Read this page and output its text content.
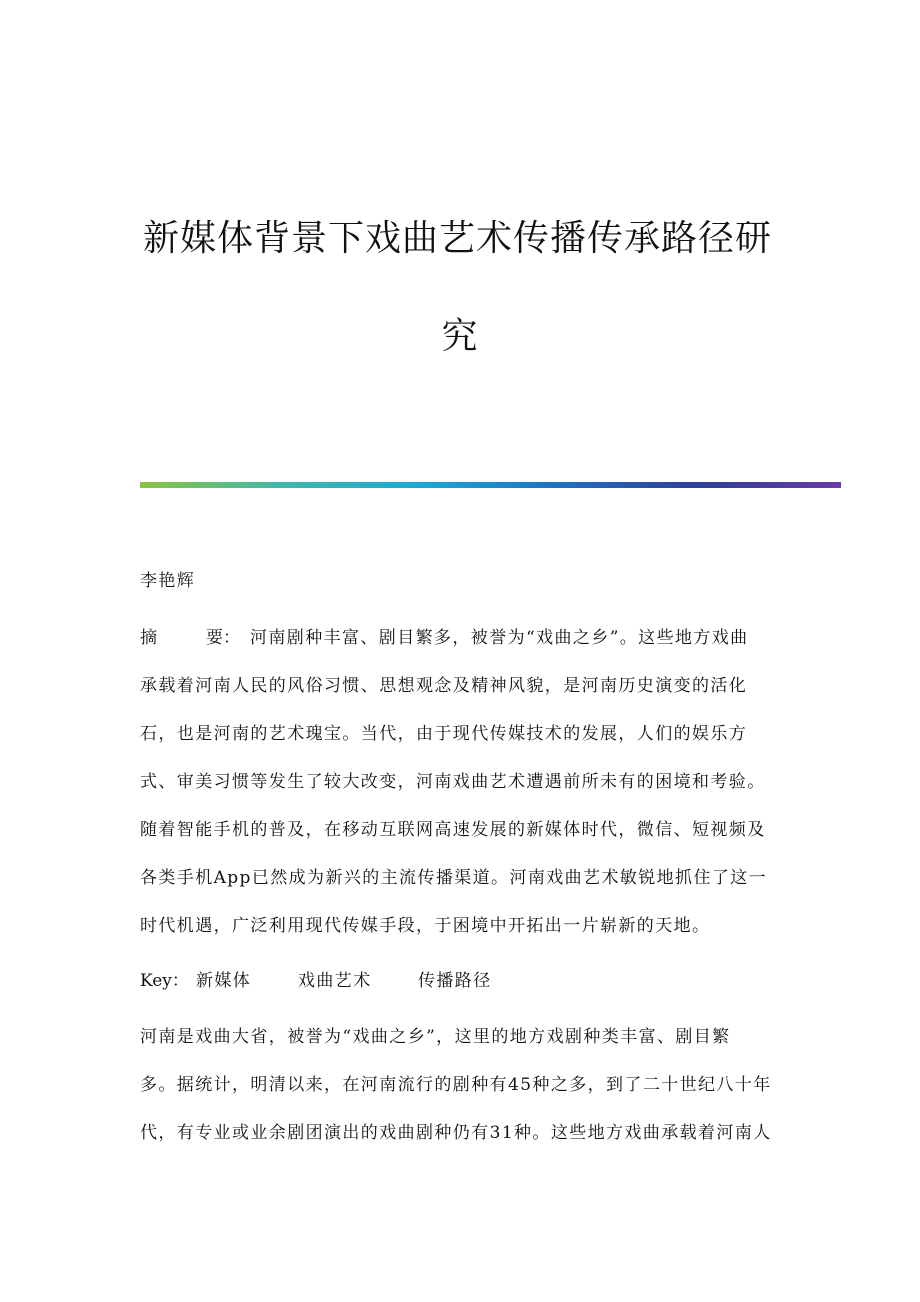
新媒体背景下戏曲艺术传播传承路径研
究
李艳辉
摘	要： 河南剧种丰富、剧目繁多，被誉为“戏曲之乡”。这些地方戏曲
承载着河南人民的风俗习惯、思想观念及精神风貌，是河南历史演变的活化
石，也是河南的艺术瑰宝。当代，由于现代传媒技术的发展，人们的娱乐方
式、审美习惯等发生了较大改变，河南戏曲艺术遭遇前所未有的困境和考验。
随着智能手机的普及，在移动互联网高速发展的新媒体时代，微信、短视频及
各类手机App已然成为新兴的主流传播渠道。河南戏曲艺术敏锐地抓住了这一
时代机遇，广泛利用现代传媒手段，于困境中开拓出一片崭新的天地。
Key： 新媒体	戏曲艺术	传播路径
河南是戏曲大省，被誉为“戏曲之乡”，这里的地方戏剧种类丰富、剧目繁
多。据统计，明清以来，在河南流行的剧种有45种之多，到了二十世纪八十年
代，有专业或业余剧团演出的戏曲剧种仍有31种。这些地方戏曲承载着河南人
